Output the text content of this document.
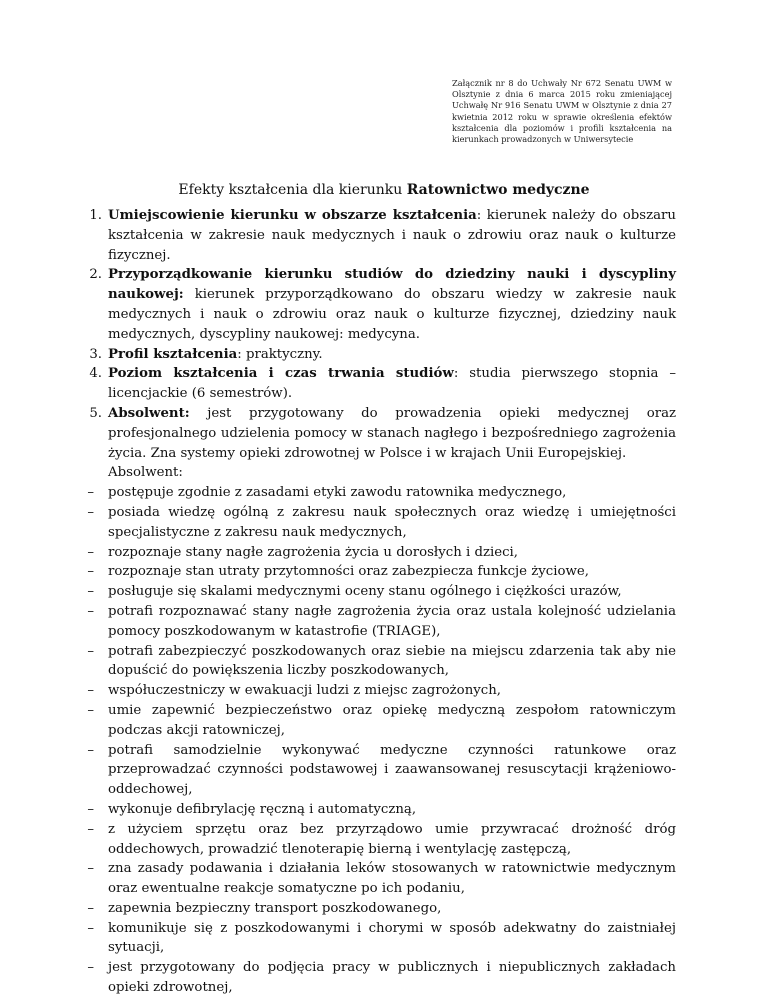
Załącznik nr 8 do Uchwały Nr 672 Senatu UWM w Olsztynie z dnia 6 marca 2015 roku zmieniającej Uchwałę Nr 916 Senatu UWM w Olsztynie z dnia 27 kwietnia 2012 roku w sprawie określenia efektów kształcenia dla poziomów i profili kształcenia na kierunkach prowadzonych w Uniwersytecie
Efekty kształcenia dla kierunku Ratownictwo medyczne
1. Umiejscowienie kierunku w obszarze kształcenia: kierunek należy do obszaru kształcenia w zakresie nauk medycznych i nauk o zdrowiu oraz nauk o kulturze fizycznej.
2. Przyporządkowanie kierunku studiów do dziedziny nauki i dyscypliny naukowej: kierunek przyporządkowano do obszaru wiedzy w zakresie nauk medycznych i nauk o zdrowiu oraz nauk o kulturze fizycznej, dziedziny nauk medycznych, dyscypliny naukowej: medycyna.
3. Profil kształcenia: praktyczny.
4. Poziom kształcenia i czas trwania studiów: studia pierwszego stopnia – licencjackie (6 semestrów).
5. Absolwent: jest przygotowany do prowadzenia opieki medycznej oraz profesjonalnego udzielenia pomocy w stanach nagłego i bezpośredniego zagrożenia życia. Zna systemy opieki zdrowotnej w Polsce i w krajach Unii Europejskiej.
Absolwent:
– postępuje zgodnie z zasadami etyki zawodu ratownika medycznego,
– posiada wiedzę ogólną z zakresu nauk społecznych oraz wiedzę i umiejętności specjalistyczne z zakresu nauk medycznych,
– rozpoznaje stany nagłe zagrożenia życia u dorosłych i dzieci,
– rozpoznaje stan utraty przytomności oraz zabezpiecza funkcje życiowe,
– posługuje się skalami medycznymi oceny stanu ogólnego i ciężkości urazów,
– potrafi rozpoznawać stany nagłe zagrożenia życia oraz ustala kolejność udzielania pomocy poszkodowanym w katastrofie (TRIAGE),
– potrafi zabezpieczyć poszkodowanych oraz siebie na miejscu zdarzenia tak aby nie dopuścić do powiększenia liczby poszkodowanych,
– współuczestniczy w ewakuacji ludzi z miejsc zagrożonych,
– umie zapewnić bezpieczeństwo oraz opiekę medyczną zespołom ratowniczym podczas akcji ratowniczej,
– potrafi samodzielnie wykonywać medyczne czynności ratunkowe oraz przeprowadzać czynności podstawowej i zaawansowanej resuscytacji krążeniowo-oddechowej,
– wykonuje defibrylację ręczną i automatyczną,
– z użyciem sprzętu oraz bez przyrządowo umie przywracać drożność dróg oddechowych, prowadzić tlenoterapię bierną i wentylację zastępczą,
– zna zasady podawania i działania leków stosowanych w ratownictwie medycznym oraz ewentualne reakcje somatyczne po ich podaniu,
– zapewnia bezpieczny transport poszkodowanego,
– komunikuje się z poszkodowanymi i chorymi w sposób adekwatny do zaistniałej sytuacji,
– jest przygotowany do podjęcia pracy w publicznych i niepublicznych zakładach opieki zdrowotnej,
